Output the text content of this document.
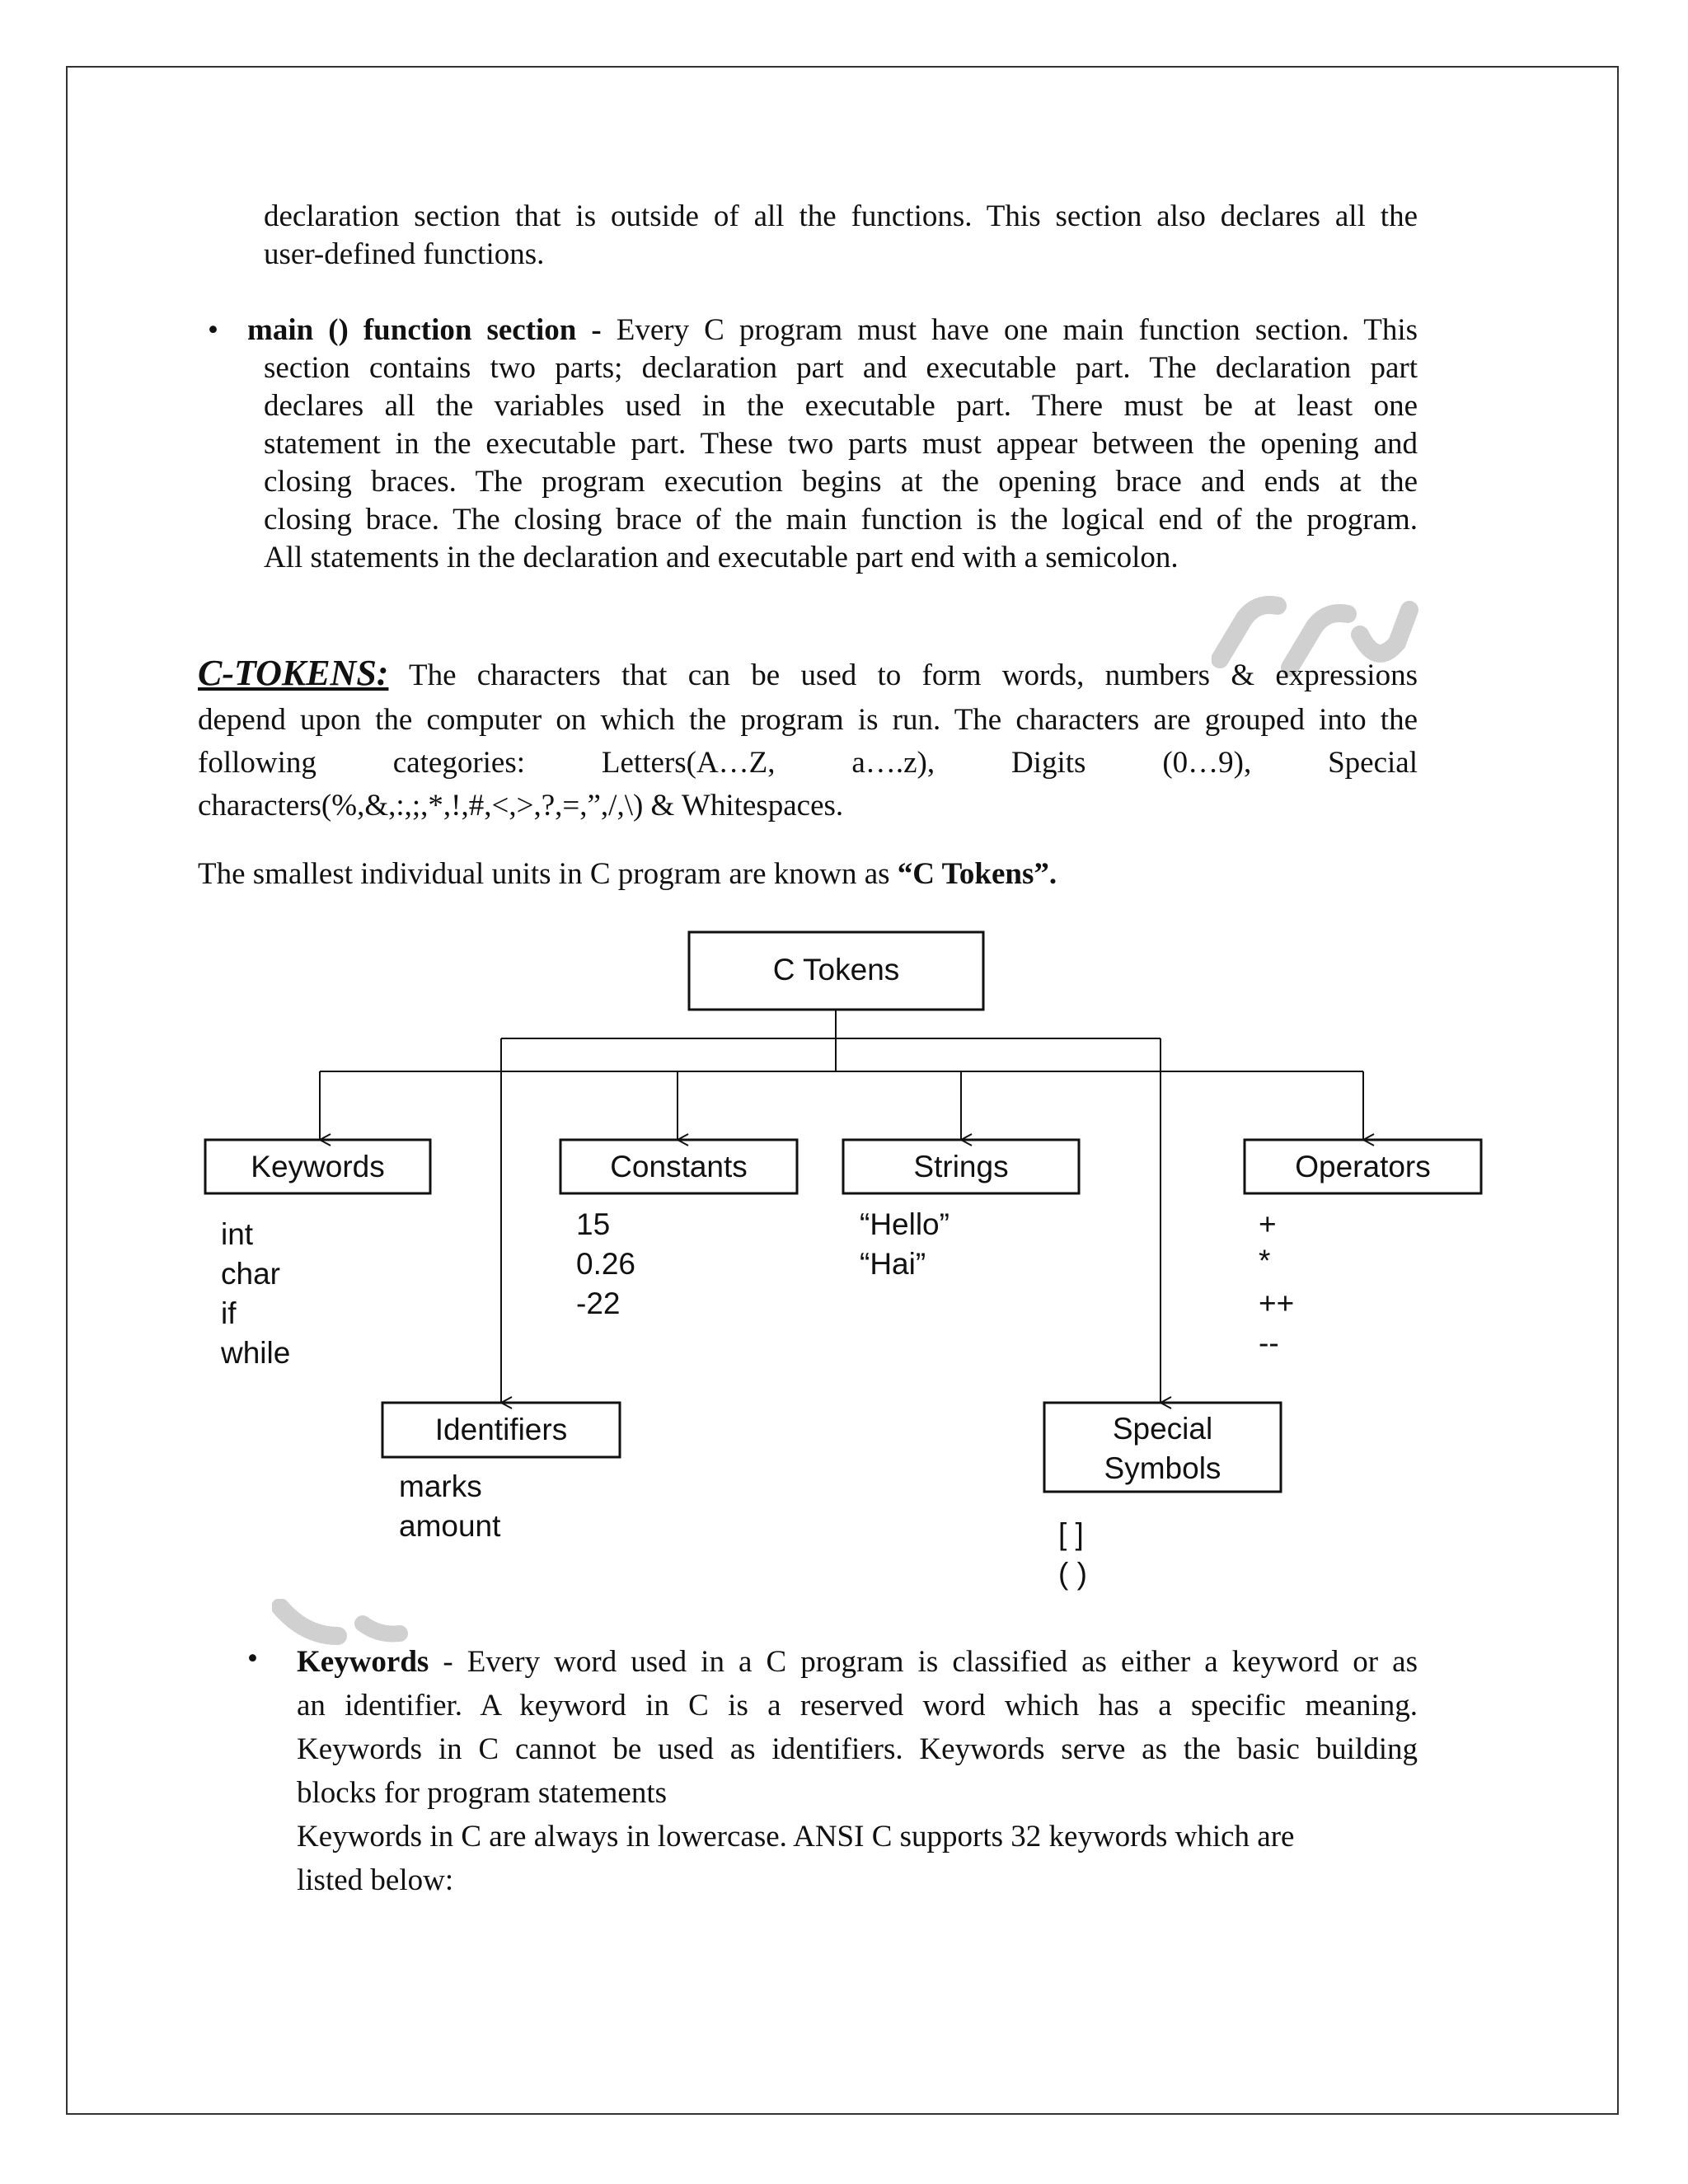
declaration section that is outside of all the functions. This section also declares all the
user-defined functions.
• main () function section - Every C program must have one main function section. This
section contains two parts; declaration part and executable part. The declaration part
declares all the variables used in the executable part. There must be at least one
statement in the executable part. These two parts must appear between the opening and
closing braces. The program execution begins at the opening brace and ends at the
closing brace. The closing brace of the main function is the logical end of the program.
All statements in the declaration and executable part end with a semicolon.
C-TOKENS: The characters that can be used to form words, numbers & expressions
depend upon the computer on which the program is run. The characters are grouped into the
following categories: Letters(A…Z, a….z), Digits (0…9), Special
characters(%,&,:,;,*,!,#,<,>,?,=,”,/,\) & Whitespaces.
The smallest individual units in C program are known as “C Tokens”.
C Tokens
Keywords	Constants	Strings	Operators
Identifiers	Special
Symbols
int
char
if
while
15
0.26
-22
“Hello”
“Hai”
+
*
++
--
marks
amount	[ ]
( )
• Keywords - Every word used in a C program is classified as either a keyword or as
an identifier. A keyword in C is a reserved word which has a specific meaning.
Keywords in C cannot be used as identifiers. Keywords serve as the basic building
blocks for program statements
Keywords in C are always in lowercase. ANSI C supports 32 keywords which are
listed below:
